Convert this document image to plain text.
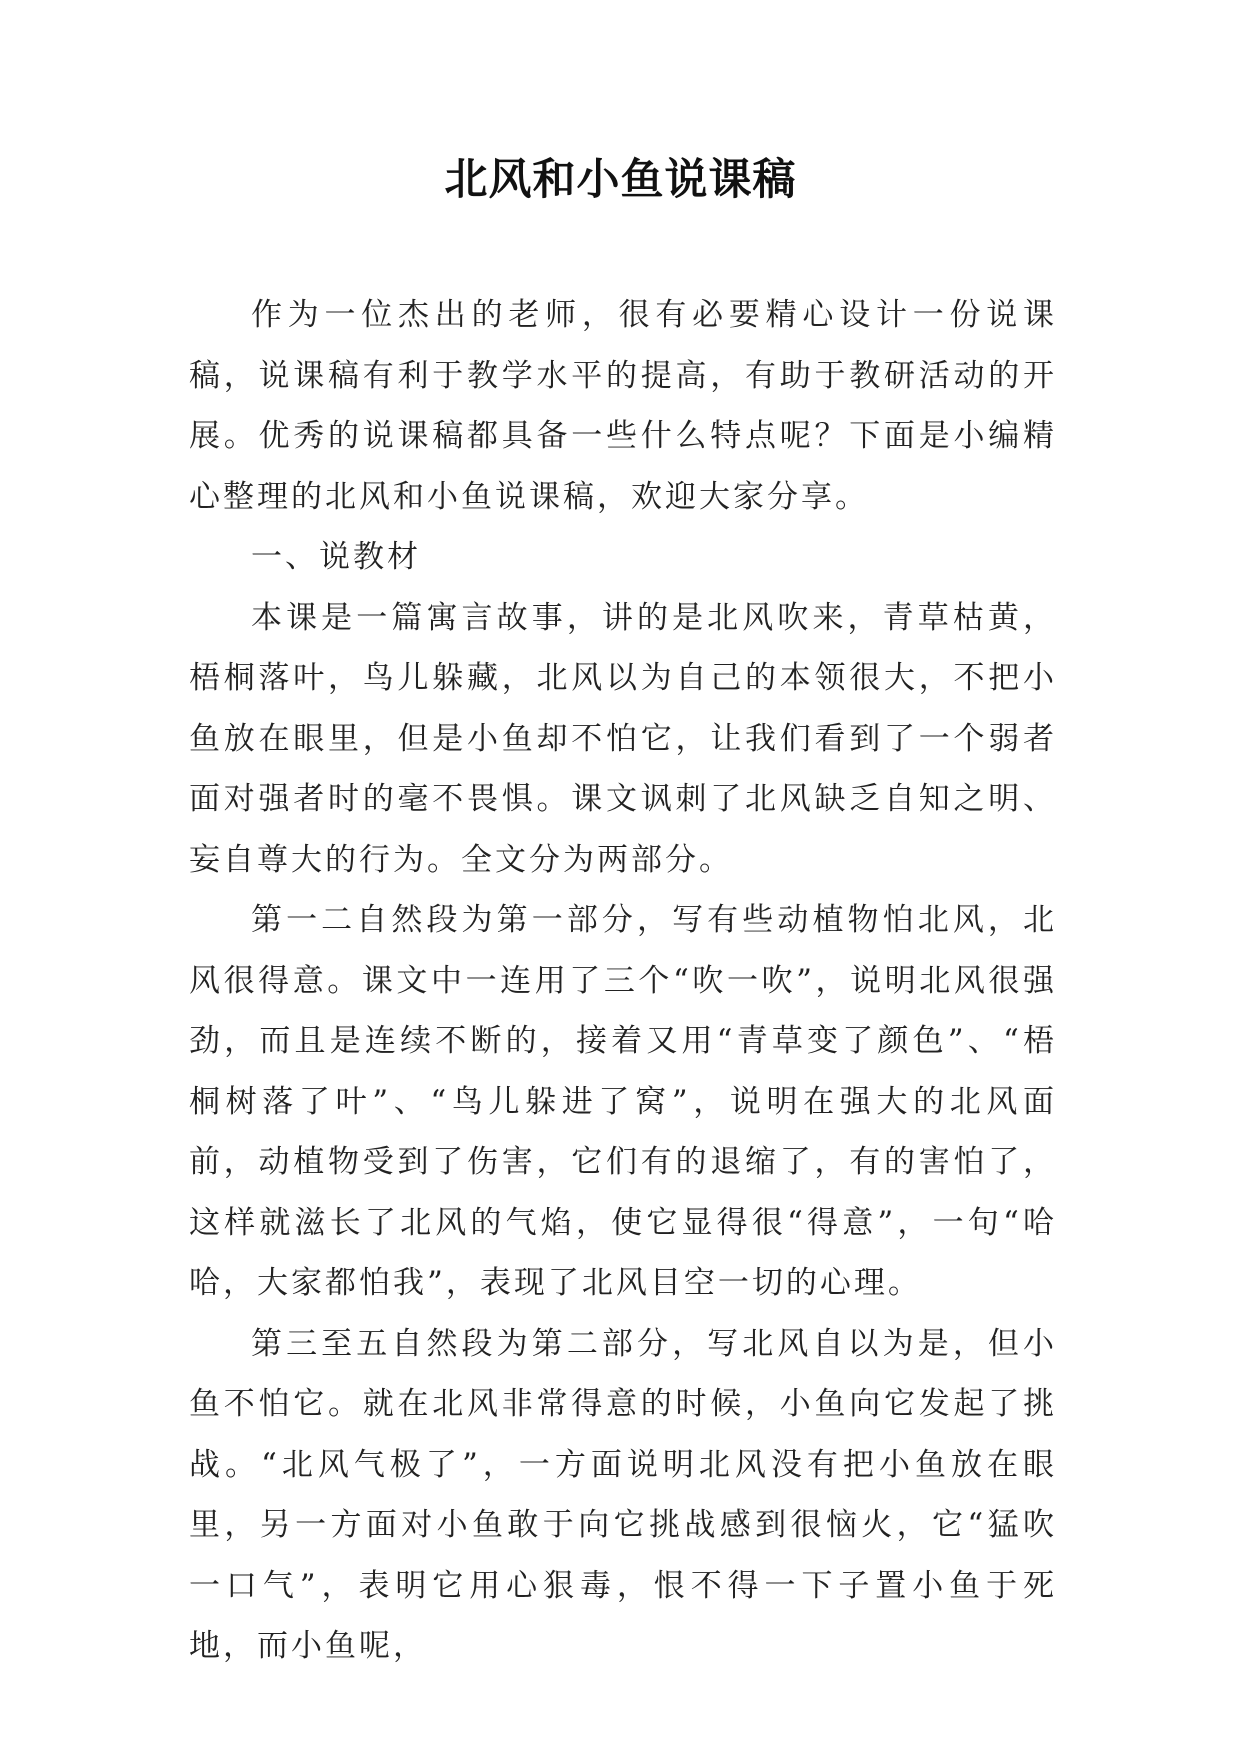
北风和小鱼说课稿

作为一位杰出的老师，很有必要精心设计一份说课稿，说课稿有利于教学水平的提高，有助于教研活动的开展。优秀的说课稿都具备一些什么特点呢？下面是小编精心整理的北风和小鱼说课稿，欢迎大家分享。

一、说教材

本课是一篇寓言故事，讲的是北风吹来，青草枯黄，梧桐落叶，鸟儿躲藏，北风以为自己的本领很大，不把小鱼放在眼里，但是小鱼却不怕它，让我们看到了一个弱者面对强者时的毫不畏惧。课文讽刺了北风缺乏自知之明、妄自尊大的行为。全文分为两部分。

第一二自然段为第一部分，写有些动植物怕北风，北风很得意。课文中一连用了三个“吹一吹”，说明北风很强劲，而且是连续不断的，接着又用“青草变了颜色”、“梧桐树落了叶”、“鸟儿躲进了窝”，说明在强大的北风面前，动植物受到了伤害，它们有的退缩了，有的害怕了，这样就滋长了北风的气焰，使它显得很“得意”，一句“哈哈，大家都怕我”，表现了北风目空一切的心理。

第三至五自然段为第二部分，写北风自以为是，但小鱼不怕它。就在北风非常得意的时候，小鱼向它发起了挑战。“北风气极了”，一方面说明北风没有把小鱼放在眼里，另一方面对小鱼敢于向它挑战感到很恼火，它“猛吹一口气”，表明它用心狠毒，恨不得一下子置小鱼于死地，而小鱼呢，
